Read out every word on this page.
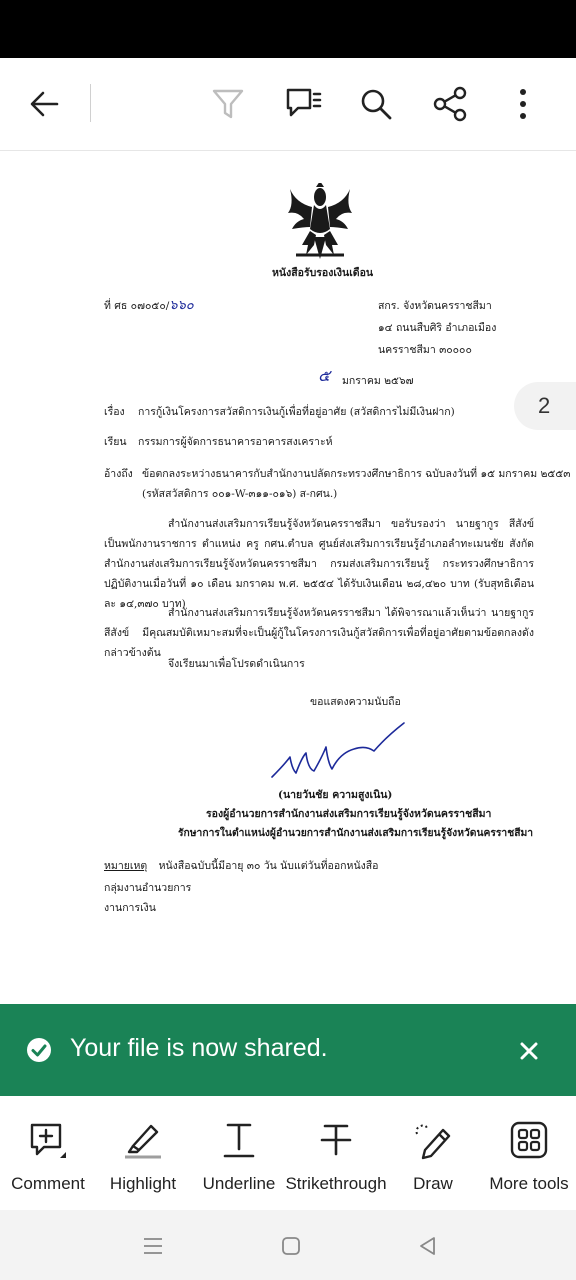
หนังสือรับรองเงินเดือน
ที่ ศธ ๐๗๐๕๐/๖๖๐	สกร. จังหวัดนครราชสีมา
๑๔ ถนนสืบศิริ อำเภอเมือง
นครราชสีมา ๓๐๐๐๐
๕ มกราคม ๒๕๖๗
เรื่อง การกู้เงินโครงการสวัสดิการเงินกู้เพื่อที่อยู่อาศัย (สวัสดิการไม่มีเงินฝาก)
เรียน กรรมการผู้จัดการธนาคารอาคารสงเคราะห์
อ้างถึง ข้อตกลงระหว่างธนาคารกับสำนักงานปลัดกระทรวงศึกษาธิการ ฉบับลงวันที่ ๑๕ มกราคม ๒๕๕๓
(รหัสสวัสดิการ ๐๐๑-W-๓๑๑-๐๑๖) ส-กศน.)
สำนักงานส่งเสริมการเรียนรู้จังหวัดนครราชสีมา ขอรับรองว่า นายฐากูร สีสังข์ เป็นพนักงานราชการ ตำแหน่ง ครู กศน.ตำบล ศูนย์ส่งเสริมการเรียนรู้อำเภอลำทะเมนชัย สังกัด สำนักงานส่งเสริมการเรียนรู้จังหวัดนครราชสีมา กรมส่งเสริมการเรียนรู้ กระทรวงศึกษาธิการ ปฏิบัติงานเมื่อวันที่ ๑๐ เดือน มกราคม พ.ศ. ๒๕๕๔ ได้รับเงินเดือน ๒๘,๔๒๐ บาท (รับสุทธิเดือนละ ๑๔,๓๗๐ บาท)
สำนักงานส่งเสริมการเรียนรู้จังหวัดนครราชสีมา ได้พิจารณาแล้วเห็นว่า นายฐากูร สีสังข์ มีคุณสมบัติเหมาะสมที่จะเป็นผู้กู้ในโครงการเงินกู้สวัสดิการเพื่อที่อยู่อาศัยตามข้อตกลงดังกล่าวข้างต้น
จึงเรียนมาเพื่อโปรดดำเนินการ
ขอแสดงความนับถือ
(นายวันชัย ความสูงเนิน)
รองผู้อำนวยการสำนักงานส่งเสริมการเรียนรู้จังหวัดนครราชสีมา
รักษาการในตำแหน่งผู้อำนวยการสำนักงานส่งเสริมการเรียนรู้จังหวัดนครราชสีมา
หมายเหตุ หนังสือฉบับนี้มีอายุ ๓๐ วัน นับแต่วันที่ออกหนังสือ
กลุ่มงานอำนวยการ
งานการเงิน
2
Your file is now shared.
Comment Highlight Underline Strikethrough Draw More tools
